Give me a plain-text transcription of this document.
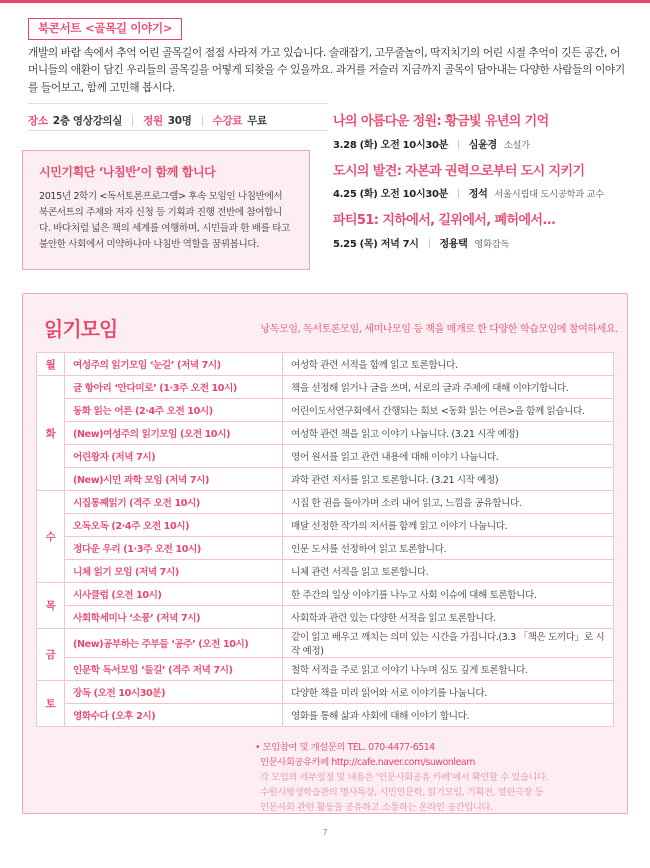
북콘서트 <골목길 이야기>
개발의 바람 속에서 추억 어린 골목길이 점점 사라져 가고 있습니다. 술래잡기, 고무줄놀이, 딱지치기의 어린 시절 추억이 깃든 공간, 어머니들의 애환이 담긴 우리들의 골목길을 어떻게 되찾을 수 있을까요. 과거를 거슬러 지금까지 골목이 담아내는 다양한 사람들의 이야기를 들어보고, 함께 고민해 봅시다.
장소 2층 영상강의실 정원 30명 수강료 무료
시민기획단 ‘나침반’이 함께 합니다

2015년 2학기 <독서토론프로그램> 후속 모임인 나침반에서 북콘서트의 주제와 저자 신청 등 기획과 진행 전반에 참여합니다. 바다처럼 넓은 책의 세계를 여행하며, 시민들과 한 배를 타고 불안한 사회에서 미약하나마 나침반 역할을 꿈꿔봅니다.

나의 아름다운 정원: 황금빛 유년의 기억
3.28 (화) 오전 10시30분 심윤경 소설가
도시의 발견: 자본과 권력으로부터 도시 지키기
4.25 (화) 오전 10시30분 정석 서울시립대 도시공학과 교수
파티51: 지하에서, 길위에서, 폐허에서...
5.25 (목) 저녁 7시 정용택 영화감독
읽기모임	낭독모임, 독서토론모임, 세미나모임 등 책을 매개로 한 다양한 학습모임에 참여하세요.
월	여성주의 읽기모임 ‘눈길’ (저녁 7시)	여성학 관련 서적을 함께 읽고 토론합니다.
화	글 항아리 ‘안다미로’ (1·3주 오전 10시)	책을 선정해 읽거나 글을 쓰며, 서로의 글과 주제에 대해 이야기합니다.
	동화 읽는 어른 (2·4주 오전 10시)	어린이도서연구회에서 간행되는 회보 <동화 읽는 어른>을 함께 읽습니다.
	(New)여성주의 읽기모임 (오전 10시)	여성학 관련 책을 읽고 이야기 나눕니다. (3.21 시작 예정)
	어린왕자 (저녁 7시)	영어 원서를 읽고 관련 내용에 대해 이야기 나눕니다.
	(New)시민 과학 모임 (저녁 7시)	과학 관련 저서를 읽고 토론합니다. (3.21 시작 예정)
수	시집통째읽기 (격주 오전 10시)	시집 한 권을 돌아가며 소리 내어 읽고, 느낌을 공유합니다.
	오독오독 (2·4주 오전 10시)	매달 선정한 작가의 저서를 함께 읽고 이야기 나눕니다.
	정다운 우리 (1·3주 오전 10시)	인문 도서를 선정하여 읽고 토론합니다.
	니체 읽기 모임 (저녁 7시)	니체 관련 서적을 읽고 토론합니다.
목	시사클럽 (오전 10시)	한 주간의 일상 이야기를 나누고 사회 이슈에 대해 토론합니다.
	사회학세미나 ‘소풍’ (저녁 7시)	사회학과 관련 있는 다양한 서적을 읽고 토론합니다.
금	(New)공부하는 주부들 ‘공주’ (오전 10시)	같이 읽고 배우고 깨치는 의미 있는 시간을 가집니다.(3.3 「책은 도끼다」로 시작 예정)
	인문학 독서모임 ‘들길’ (격주 저녁 7시)	철학 서적을 주로 읽고 이야기 나누며 심도 깊게 토론합니다.
토	장독 (오전 10시30분)	다양한 책을 미리 읽어와 서로 이야기를 나눕니다.
	영화수다 (오후 2시)	영화를 통해 삶과 사회에 대해 이야기 합니다.
• 모임참여 및 개설문의 TEL. 070-4477-6514
인문사회공유카페 http://cafe.naver.com/suwonlearn
각 모임의 세부일정 및 내용은 ‘인문사회공유 카페’에서 확인할 수 있습니다.
수원시평생학습관의 명사특강, 시민인문학, 읽기모임, 기획전, 열린극장 등
인문사회 관련 활동을 공유하고 소통하는 온라인 공간입니다.
7
